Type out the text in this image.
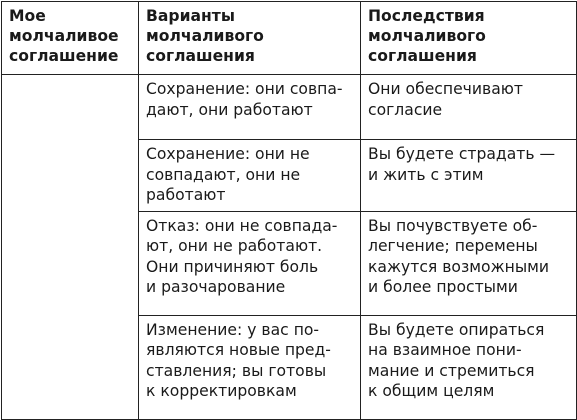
Мое
молчаливое
соглашение	Варианты
молчаливого
соглашения	Последствия
молчаливого
соглашения

	Сохранение: они совпа-
дают, они работают	Они обеспечивают
согласие

	Сохранение: они не
совпадают, они не
работают	Вы будете страдать —
и жить с этим

	Отказ: они не совпада-
ют, они не работают.
Они причиняют боль
и разочарование	Вы почувствуете об-
легчение; перемены
кажутся возможными
и более простыми

	Изменение: у вас по-
являются новые пред-
ставления; вы готовы
к корректировкам	Вы будете опираться
на взаимное пони-
мание и стремиться
к общим целям
